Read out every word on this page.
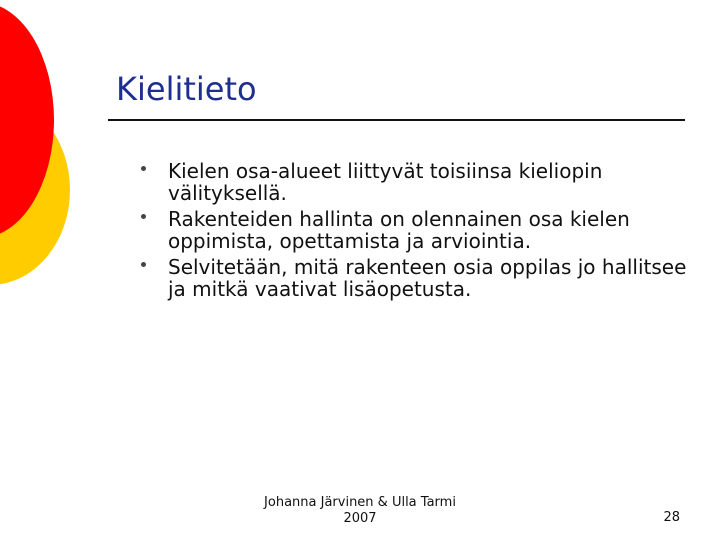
Kielitieto
Kielen osa-alueet liittyvät toisiinsa kieliopin välityksellä.
Rakenteiden hallinta on olennainen osa kielen oppimista, opettamista ja arviointia.
Selvitetään, mitä rakenteen osia oppilas jo hallitsee ja mitkä vaativat lisäopetusta.
Johanna Järvinen & Ulla Tarmi
2007	28
